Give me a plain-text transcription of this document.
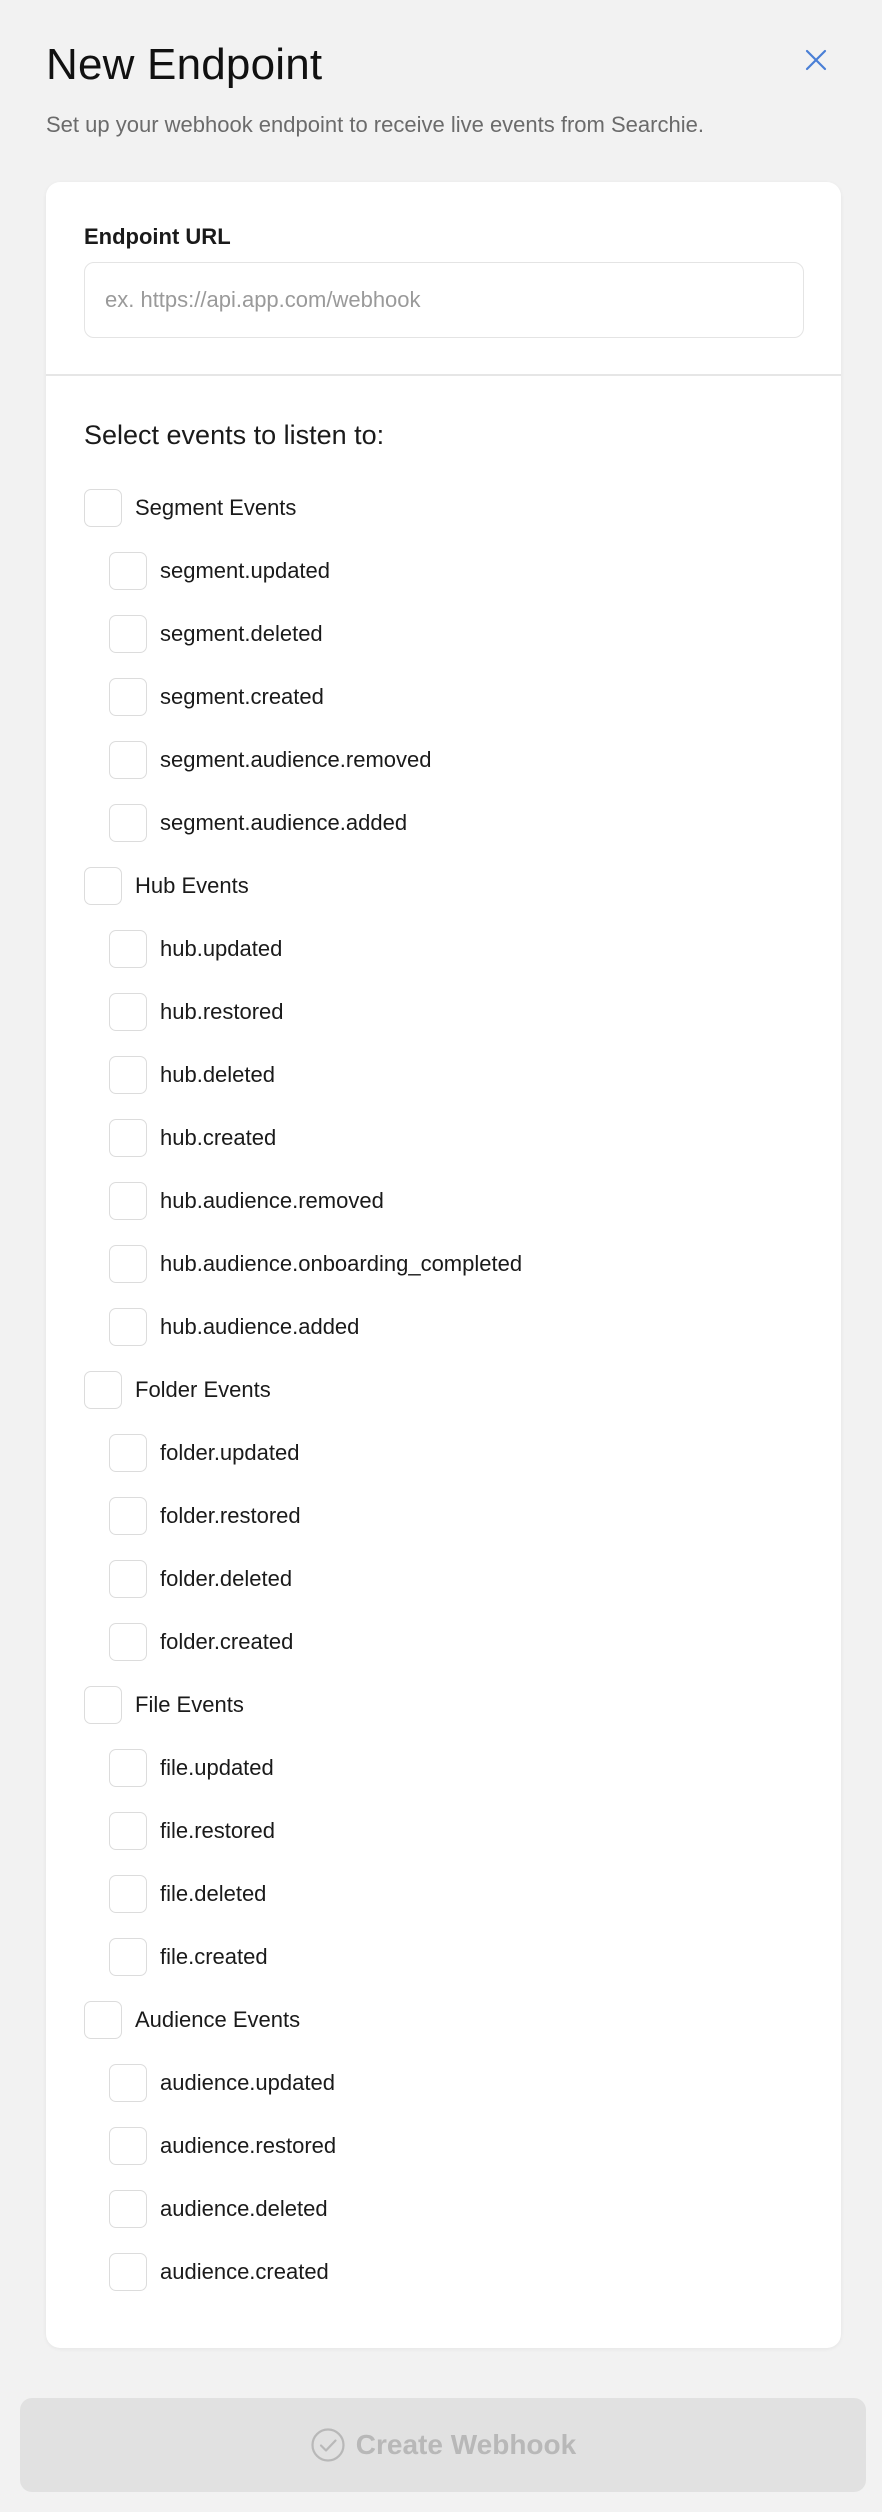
New Endpoint

Set up your webhook endpoint to receive live events from Searchie.

Endpoint URL
ex. https://api.app.com/webhook
Select events to listen to:
Segment Events
segment.updated
segment.deleted
segment.created
segment.audience.removed
segment.audience.added
Hub Events
hub.updated
hub.restored
hub.deleted
hub.created
hub.audience.removed
hub.audience.onboarding_completed
hub.audience.added
Folder Events
folder.updated
folder.restored
folder.deleted
folder.created
File Events
file.updated
file.restored
file.deleted
file.created
Audience Events
audience.updated
audience.restored
audience.deleted
audience.created
Create Webhook
